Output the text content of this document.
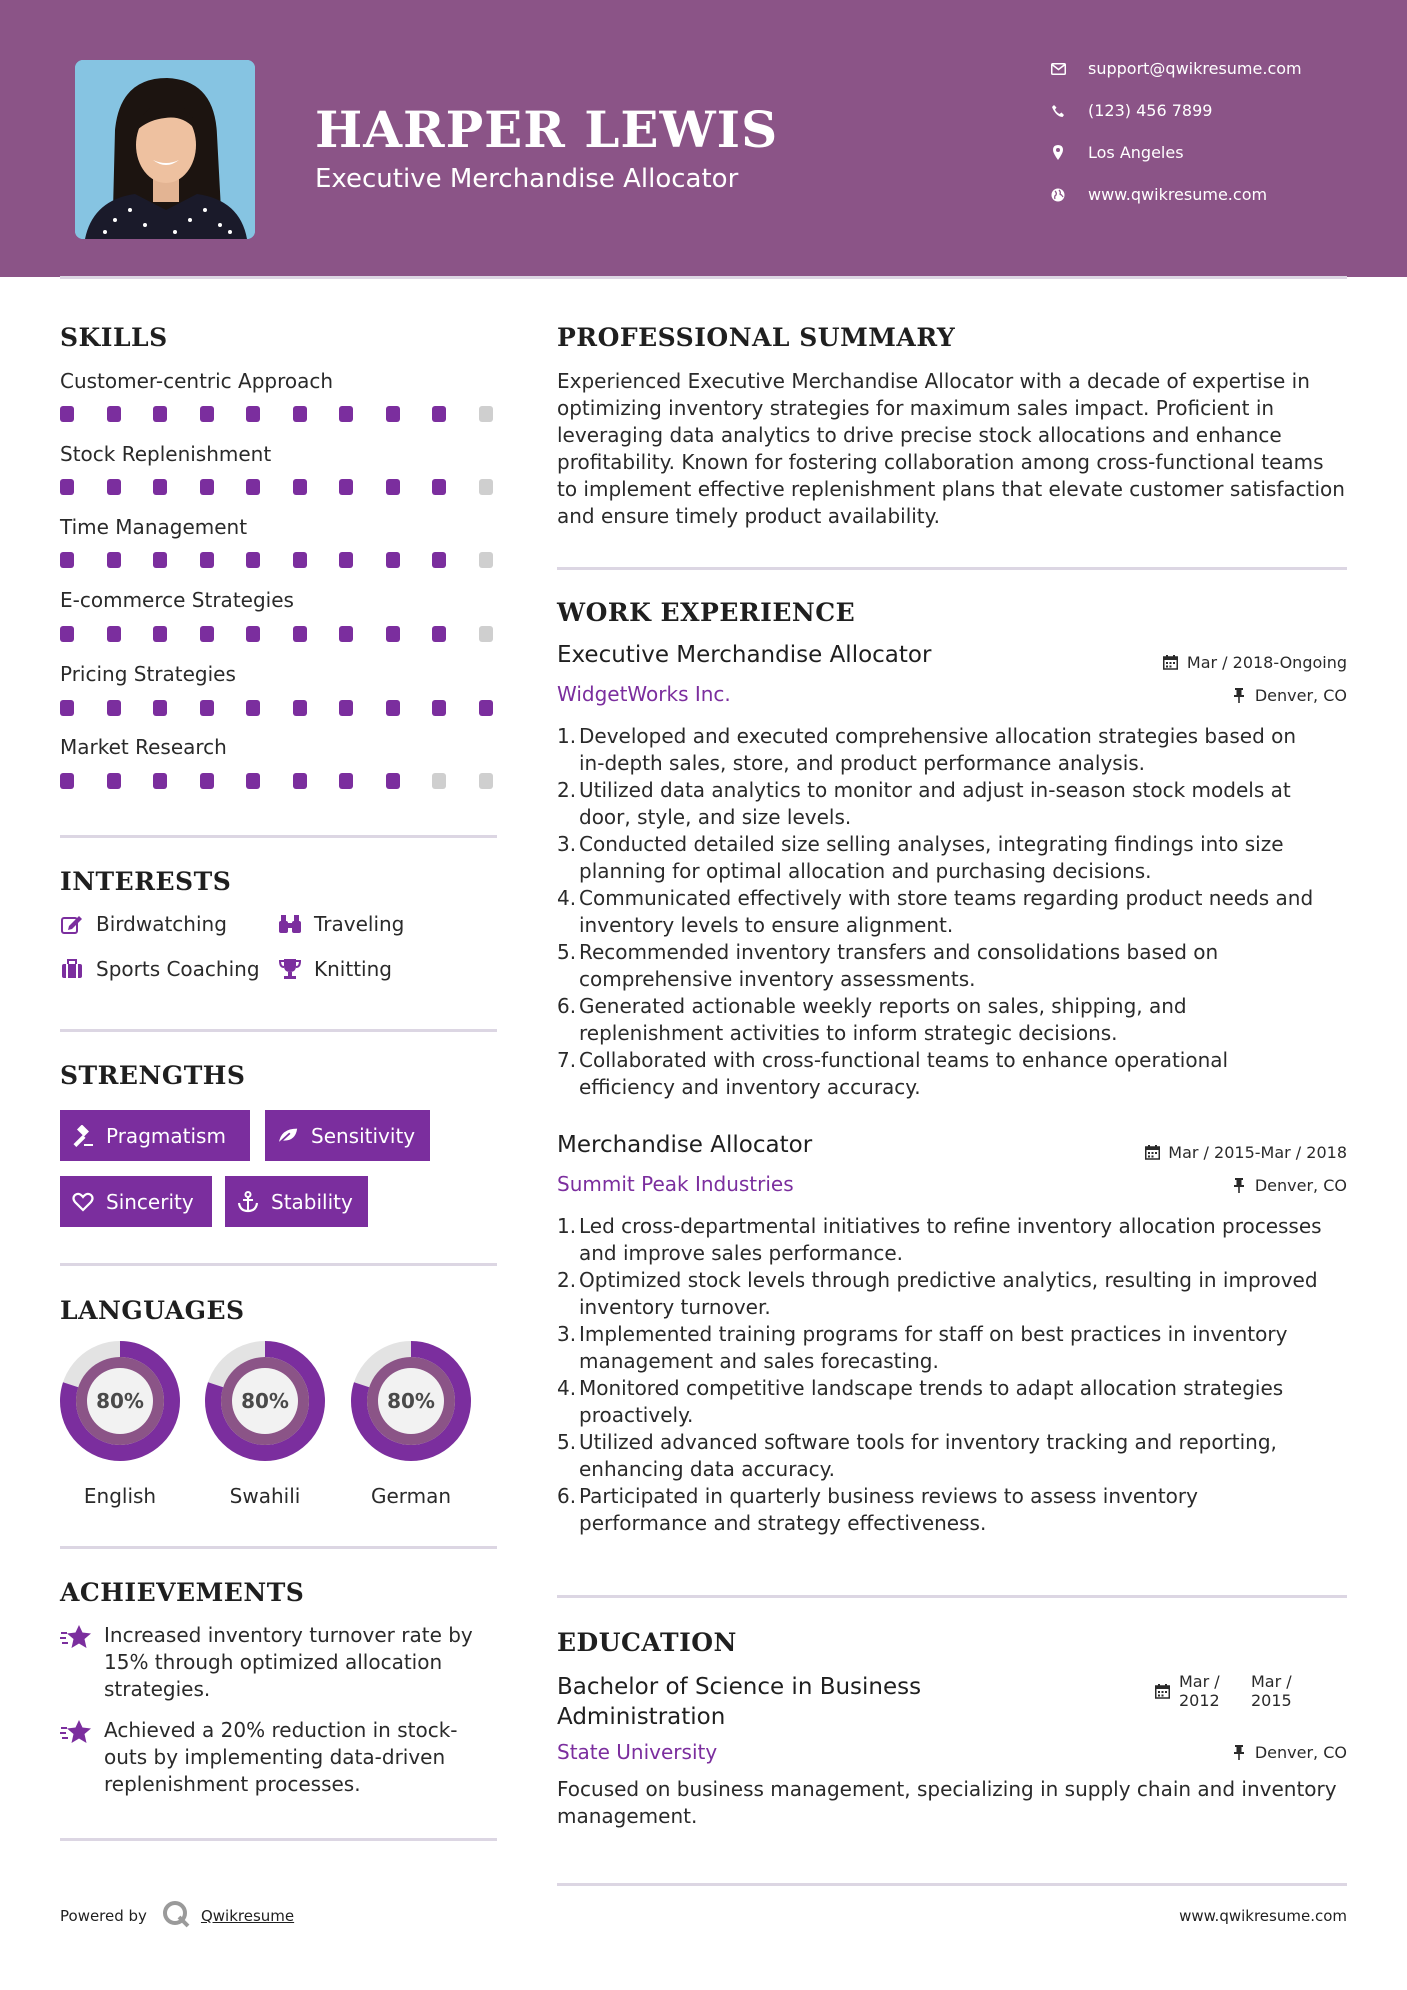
HARPER LEWIS
Executive Merchandise Allocator
support@qwikresume.com
(123) 456 7899
Los Angeles
www.qwikresume.com
SKILLS
Customer-centric Approach
Stock Replenishment
Time Management
E-commerce Strategies
Pricing Strategies
Market Research
INTERESTS
Birdwatching	Traveling
Sports Coaching	Knitting
STRENGTHS
Pragmatism	Sensitivity
Sincerity	Stability
LANGUAGES
80%
English
80%
Swahili
80%
German
ACHIEVEMENTS
Increased inventory turnover rate by 15% through optimized allocation strategies.
Achieved a 20% reduction in stock-outs by implementing data-driven replenishment processes.
PROFESSIONAL SUMMARY
Experienced Executive Merchandise Allocator with a decade of expertise in optimizing inventory strategies for maximum sales impact. Proficient in leveraging data analytics to drive precise stock allocations and enhance profitability. Known for fostering collaboration among cross-functional teams to implement effective replenishment plans that elevate customer satisfaction and ensure timely product availability.
WORK EXPERIENCE
Executive Merchandise Allocator	Mar / 2018-Ongoing
WidgetWorks Inc.	Denver, CO
1. Developed and executed comprehensive allocation strategies based on
in-depth sales, store, and product performance analysis.
2. Utilized data analytics to monitor and adjust in-season stock models at
door, style, and size levels.
3. Conducted detailed size selling analyses, integrating findings into size
planning for optimal allocation and purchasing decisions.
4. Communicated effectively with store teams regarding product needs and
inventory levels to ensure alignment.
5. Recommended inventory transfers and consolidations based on
comprehensive inventory assessments.
6. Generated actionable weekly reports on sales, shipping, and
replenishment activities to inform strategic decisions.
7. Collaborated with cross-functional teams to enhance operational
efficiency and inventory accuracy.
Merchandise Allocator	Mar / 2015-Mar / 2018
Summit Peak Industries	Denver, CO
1. Led cross-departmental initiatives to refine inventory allocation processes
and improve sales performance.
2. Optimized stock levels through predictive analytics, resulting in improved
inventory turnover.
3. Implemented training programs for staff on best practices in inventory
management and sales forecasting.
4. Monitored competitive landscape trends to adapt allocation strategies
proactively.
5. Utilized advanced software tools for inventory tracking and reporting,
enhancing data accuracy.
6. Participated in quarterly business reviews to assess inventory
performance and strategy effectiveness.
EDUCATION
Bachelor of Science in Business Administration
Mar /
2012
Mar /
2015
State University	Denver, CO
Focused on business management, specializing in supply chain and inventory management.
Powered by	Qwikresume	www.qwikresume.com
